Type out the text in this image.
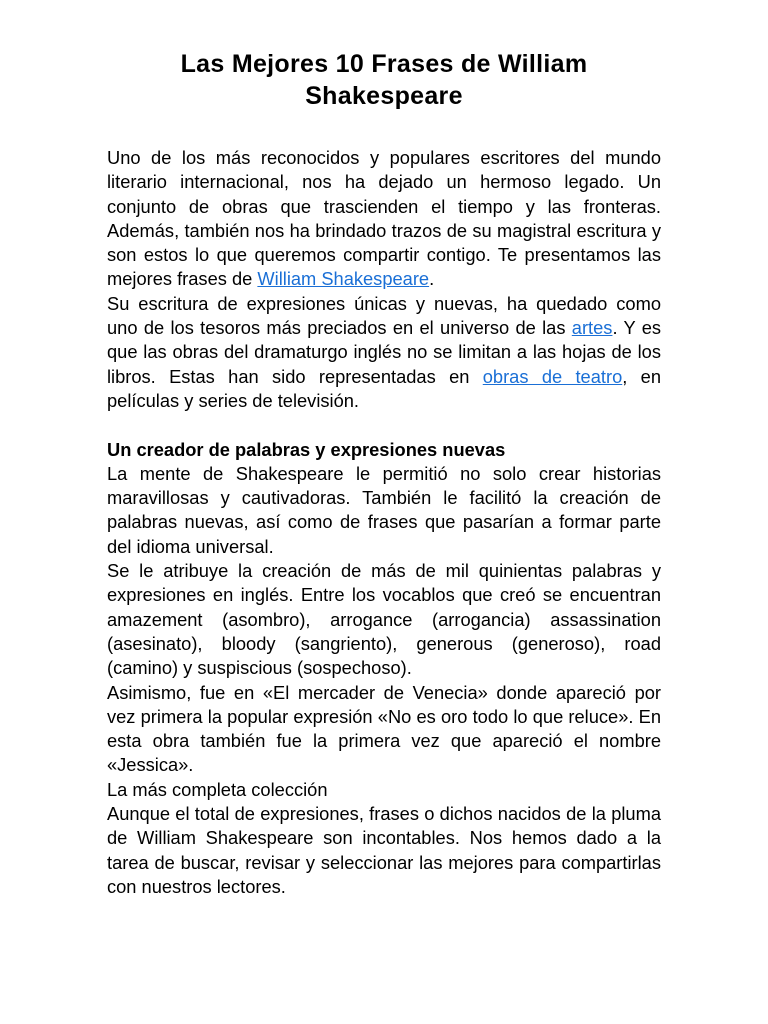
Las Mejores 10 Frases de William Shakespeare

Uno de los más reconocidos y populares escritores del mundo literario internacional, nos ha dejado un hermoso legado. Un conjunto de obras que trascienden el tiempo y las fronteras. Además, también nos ha brindado trazos de su magistral escritura y son estos lo que queremos compartir contigo. Te presentamos las mejores frases de William Shakespeare.

Su escritura de expresiones únicas y nuevas, ha quedado como uno de los tesoros más preciados en el universo de las artes. Y es que las obras del dramaturgo inglés no se limitan a las hojas de los libros. Estas han sido representadas en obras de teatro, en películas y series de televisión.

Un creador de palabras y expresiones nuevas

La mente de Shakespeare le permitió no solo crear historias maravillosas y cautivadoras. También le facilitó la creación de palabras nuevas, así como de frases que pasarían a formar parte del idioma universal.

Se le atribuye la creación de más de mil quinientas palabras y expresiones en inglés. Entre los vocablos que creó se encuentran amazement (asombro), arrogance (arrogancia) assassination (asesinato), bloody (sangriento), generous (generoso), road (camino) y suspiscious (sospechoso).

Asimismo, fue en «El mercader de Venecia» donde apareció por vez primera la popular expresión «No es oro todo lo que reluce». En esta obra también fue la primera vez que apareció el nombre «Jessica».

La más completa colección

Aunque el total de expresiones, frases o dichos nacidos de la pluma de William Shakespeare son incontables. Nos hemos dado a la tarea de buscar, revisar y seleccionar las mejores para compartirlas con nuestros lectores.
